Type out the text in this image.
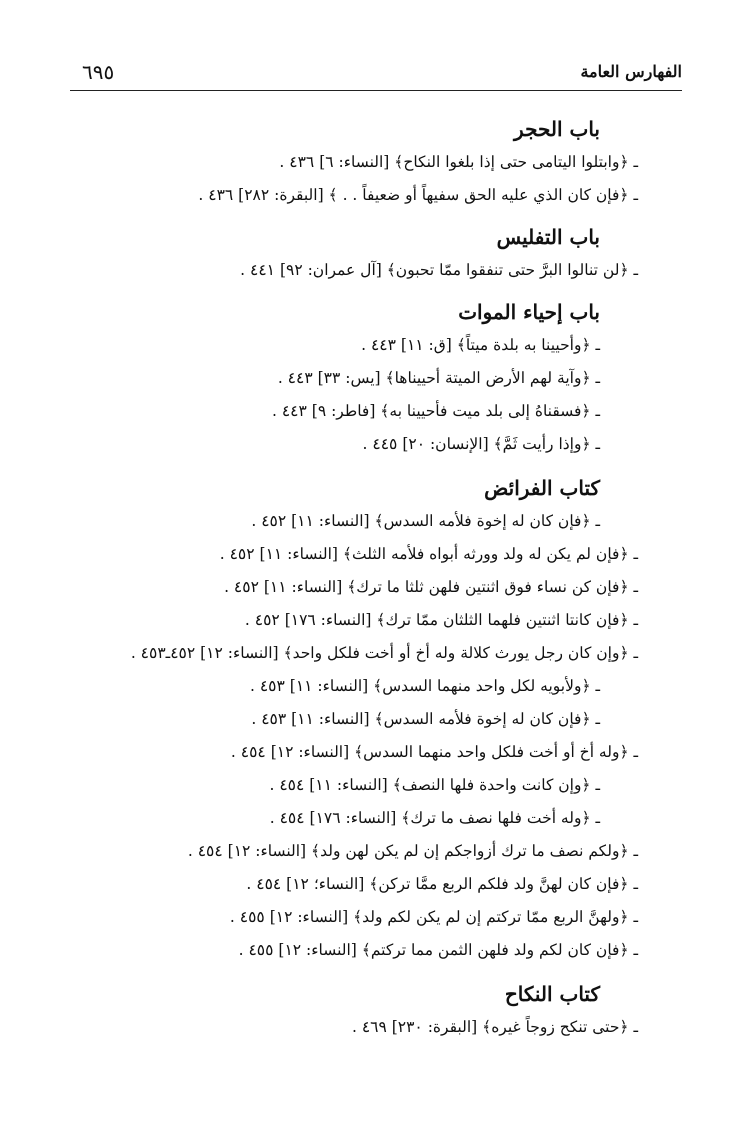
٦٩٥	الفهارس العامة
باب الحجر

ـ ﴿وابتلوا اليتامى حتى إذا بلغوا النكاح﴾ [النساء: ٦] ٤٣٦ .

ـ ﴿فإن كان الذي عليه الحق سفيهاً أو ضعيفاً . . ﴾ [البقرة: ٢٨٢] ٤٣٦ .

باب التفليس

ـ ﴿لن تنالوا البرَّ حتى تنفقوا ممّا تحبون﴾ [آل عمران: ٩٢] ٤٤١ .

باب إحياء الموات

ـ ﴿وأحيينا به بلدة ميتاً﴾ [ق: ١١] ٤٤٣ .

ـ ﴿وآية لهم الأرض الميتة أحييناها﴾ [يس: ٣٣] ٤٤٣ .

ـ ﴿فسقناهُ إلى بلد ميت فأحيينا به﴾ [فاطر: ٩] ٤٤٣ .

ـ ﴿وإذا رأيت ثَمَّ﴾ [الإنسان: ٢٠] ٤٤٥ .

كتاب الفرائض

ـ ﴿فإن كان له إخوة فلأمه السدس﴾ [النساء: ١١] ٤٥٢ .

ـ ﴿فإن لم يكن له ولد وورثه أبواه فلأمه الثلث﴾ [النساء: ١١] ٤٥٢ .

ـ ﴿فإن كن نساء فوق اثنتين فلهن ثلثا ما ترك﴾ [النساء: ١١] ٤٥٢ .

ـ ﴿فإن كانتا اثنتين فلهما الثلثان ممّا ترك﴾ [النساء: ١٧٦] ٤٥٢ .

ـ ﴿وإن كان رجل يورث كلالة وله أخ أو أخت فلكل واحد﴾ [النساء: ١٢] ٤٥٢ـ٤٥٣ .

ـ ﴿ولأبويه لكل واحد منهما السدس﴾ [النساء: ١١] ٤٥٣ .

ـ ﴿فإن كان له إخوة فلأمه السدس﴾ [النساء: ١١] ٤٥٣ .

ـ ﴿وله أخ أو أخت فلكل واحد منهما السدس﴾ [النساء: ١٢] ٤٥٤ .

ـ ﴿وإن كانت واحدة فلها النصف﴾ [النساء: ١١] ٤٥٤ .

ـ ﴿وله أخت فلها نصف ما ترك﴾ [النساء: ١٧٦] ٤٥٤ .

ـ ﴿ولكم نصف ما ترك أزواجكم إن لم يكن لهن ولد﴾ [النساء: ١٢] ٤٥٤ .

ـ ﴿فإن كان لهنَّ ولد فلكم الربع ممَّا تركن﴾ [النساء؛ ١٢] ٤٥٤ .

ـ ﴿ولهنَّ الربع ممّا تركتم إن لم يكن لكم ولد﴾ [النساء: ١٢] ٤٥٥ .

ـ ﴿فإن كان لكم ولد فلهن الثمن مما تركتم﴾ [النساء: ١٢] ٤٥٥ .

كتاب النكاح

ـ ﴿حتى تنكح زوجاً غيره﴾ [البقرة: ٢٣٠] ٤٦٩ .
